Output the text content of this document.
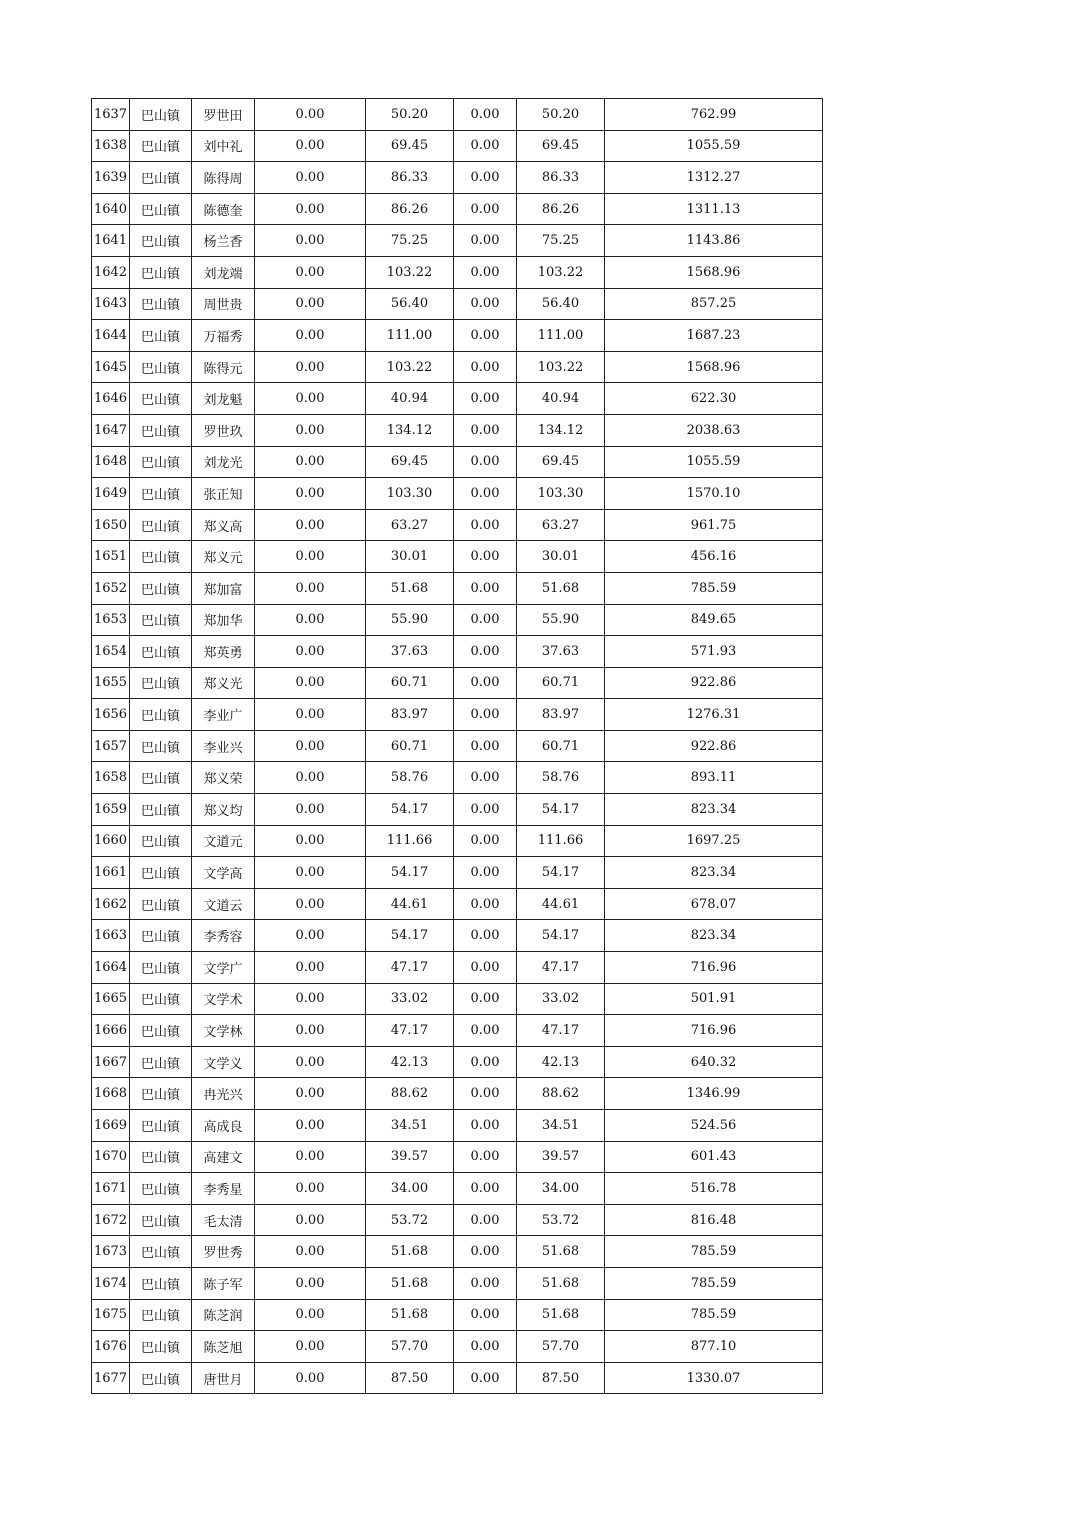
1637	巴山镇	罗世田	0.00	50.20	0.00	50.20	762.99
1638	巴山镇	刘中礼	0.00	69.45	0.00	69.45	1055.59
1639	巴山镇	陈得周	0.00	86.33	0.00	86.33	1312.27
1640	巴山镇	陈德奎	0.00	86.26	0.00	86.26	1311.13
1641	巴山镇	杨兰香	0.00	75.25	0.00	75.25	1143.86
1642	巴山镇	刘龙端	0.00	103.22	0.00	103.22	1568.96
1643	巴山镇	周世贵	0.00	56.40	0.00	56.40	857.25
1644	巴山镇	万福秀	0.00	111.00	0.00	111.00	1687.23
1645	巴山镇	陈得元	0.00	103.22	0.00	103.22	1568.96
1646	巴山镇	刘龙魁	0.00	40.94	0.00	40.94	622.30
1647	巴山镇	罗世玖	0.00	134.12	0.00	134.12	2038.63
1648	巴山镇	刘龙光	0.00	69.45	0.00	69.45	1055.59
1649	巴山镇	张正知	0.00	103.30	0.00	103.30	1570.10
1650	巴山镇	郑义高	0.00	63.27	0.00	63.27	961.75
1651	巴山镇	郑义元	0.00	30.01	0.00	30.01	456.16
1652	巴山镇	郑加富	0.00	51.68	0.00	51.68	785.59
1653	巴山镇	郑加华	0.00	55.90	0.00	55.90	849.65
1654	巴山镇	郑英勇	0.00	37.63	0.00	37.63	571.93
1655	巴山镇	郑义光	0.00	60.71	0.00	60.71	922.86
1656	巴山镇	李业广	0.00	83.97	0.00	83.97	1276.31
1657	巴山镇	李业兴	0.00	60.71	0.00	60.71	922.86
1658	巴山镇	郑义荣	0.00	58.76	0.00	58.76	893.11
1659	巴山镇	郑义均	0.00	54.17	0.00	54.17	823.34
1660	巴山镇	文道元	0.00	111.66	0.00	111.66	1697.25
1661	巴山镇	文学高	0.00	54.17	0.00	54.17	823.34
1662	巴山镇	文道云	0.00	44.61	0.00	44.61	678.07
1663	巴山镇	李秀容	0.00	54.17	0.00	54.17	823.34
1664	巴山镇	文学广	0.00	47.17	0.00	47.17	716.96
1665	巴山镇	文学术	0.00	33.02	0.00	33.02	501.91
1666	巴山镇	文学林	0.00	47.17	0.00	47.17	716.96
1667	巴山镇	文学义	0.00	42.13	0.00	42.13	640.32
1668	巴山镇	冉光兴	0.00	88.62	0.00	88.62	1346.99
1669	巴山镇	高成良	0.00	34.51	0.00	34.51	524.56
1670	巴山镇	高建文	0.00	39.57	0.00	39.57	601.43
1671	巴山镇	李秀星	0.00	34.00	0.00	34.00	516.78
1672	巴山镇	毛太清	0.00	53.72	0.00	53.72	816.48
1673	巴山镇	罗世秀	0.00	51.68	0.00	51.68	785.59
1674	巴山镇	陈子军	0.00	51.68	0.00	51.68	785.59
1675	巴山镇	陈芝润	0.00	51.68	0.00	51.68	785.59
1676	巴山镇	陈芝旭	0.00	57.70	0.00	57.70	877.10
1677	巴山镇	唐世月	0.00	87.50	0.00	87.50	1330.07
